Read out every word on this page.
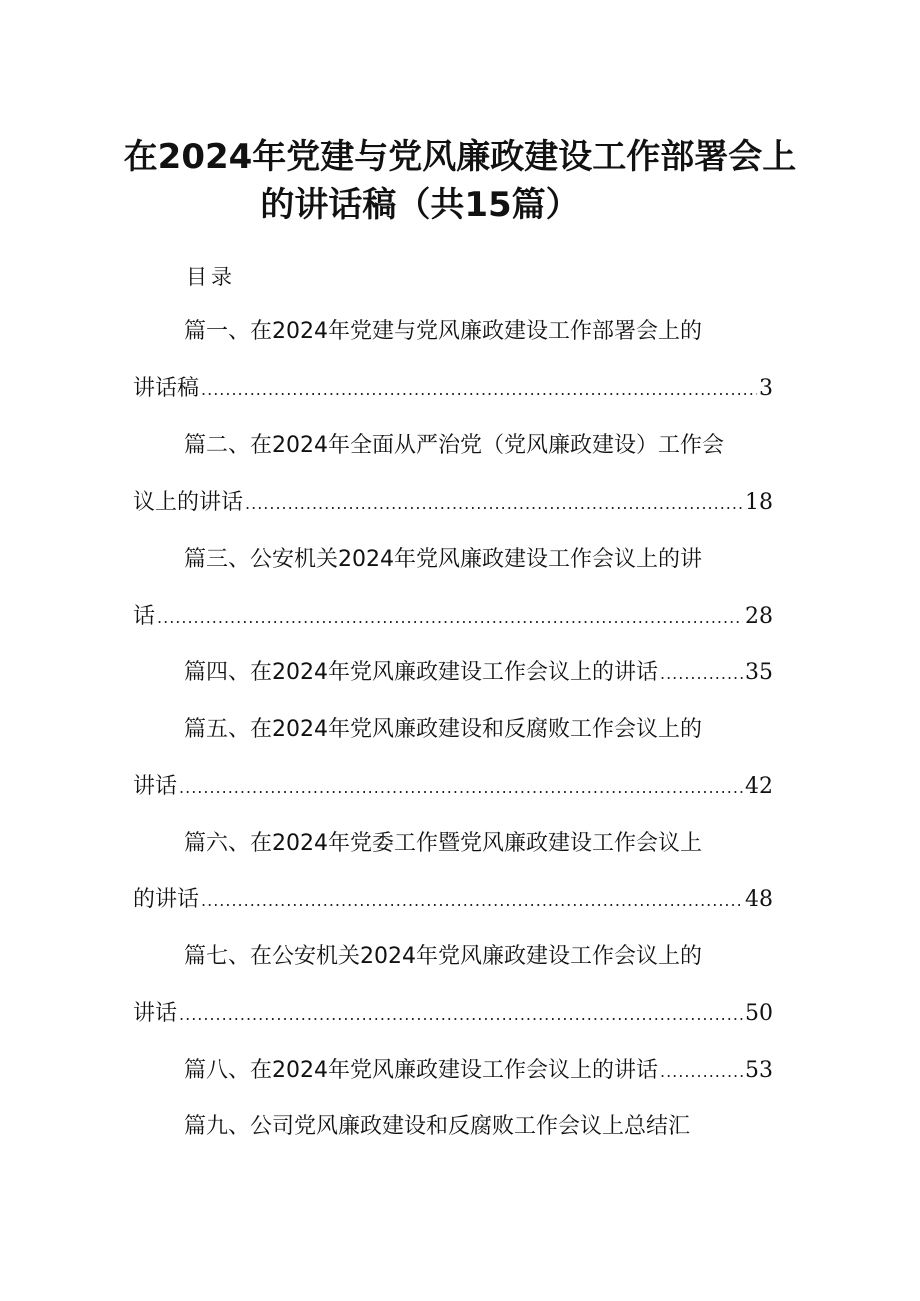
在2024年党建与党风廉政建设工作部署会上
的讲话稿（共15篇）
目录
篇一、在2024年党建与党风廉政建设工作部署会上的
讲话稿 .....	3
篇二、在2024年全面从严治党（党风廉政建设）工作会
议上的讲话 .....	18
篇三、公安机关2024年党风廉政建设工作会议上的讲
话 .....	28
篇四、在2024年党风廉政建设工作会议上的讲话 .....	35
篇五、在2024年党风廉政建设和反腐败工作会议上的
讲话 .....	42
篇六、在2024年党委工作暨党风廉政建设工作会议上
的讲话 .....	48
篇七、在公安机关2024年党风廉政建设工作会议上的
讲话 .....	50
篇八、在2024年党风廉政建设工作会议上的讲话 .....	53
篇九、公司党风廉政建设和反腐败工作会议上总结汇
